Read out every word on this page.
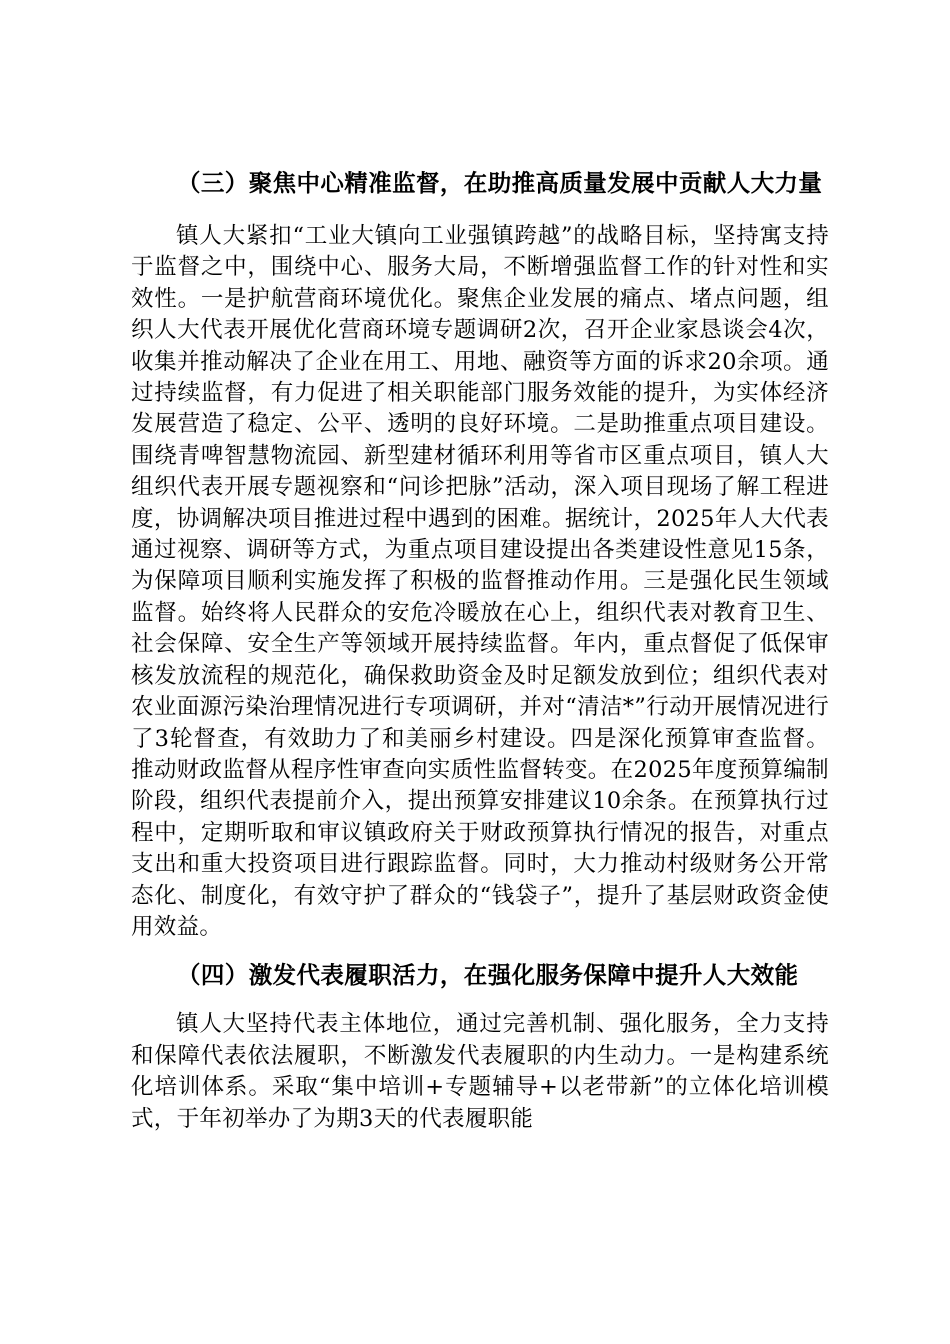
（三）聚焦中心精准监督，在助推高质量发展中贡献人大力量

镇人大紧扣“工业大镇向工业强镇跨越”的战略目标，坚持寓支持于监督之中，围绕中心、服务大局，不断增强监督工作的针对性和实效性。一是护航营商环境优化。聚焦企业发展的痛点、堵点问题，组织人大代表开展优化营商环境专题调研2次，召开企业家恳谈会4次，收集并推动解决了企业在用工、用地、融资等方面的诉求20余项。通过持续监督，有力促进了相关职能部门服务效能的提升，为实体经济发展营造了稳定、公平、透明的良好环境。二是助推重点项目建设。围绕青啤智慧物流园、新型建材循环利用等省市区重点项目，镇人大组织代表开展专题视察和“问诊把脉”活动，深入项目现场了解工程进度，协调解决项目推进过程中遇到的困难。据统计，2025年人大代表通过视察、调研等方式，为重点项目建设提出各类建设性意见15条，为保障项目顺利实施发挥了积极的监督推动作用。三是强化民生领域监督。始终将人民群众的安危冷暖放在心上，组织代表对教育卫生、社会保障、安全生产等领域开展持续监督。年内，重点督促了低保审核发放流程的规范化，确保救助资金及时足额发放到位；组织代表对农业面源污染治理情况进行专项调研，并对“清洁*”行动开展情况进行了3轮督查，有效助力了和美丽乡村建设。四是深化预算审查监督。推动财政监督从程序性审查向实质性监督转变。在2025年度预算编制阶段，组织代表提前介入，提出预算安排建议10余条。在预算执行过程中，定期听取和审议镇政府关于财政预算执行情况的报告，对重点支出和重大投资项目进行跟踪监督。同时，大力推动村级财务公开常态化、制度化，有效守护了群众的“钱袋子”，提升了基层财政资金使用效益。

（四）激发代表履职活力，在强化服务保障中提升人大效能

镇人大坚持代表主体地位，通过完善机制、强化服务，全力支持和保障代表依法履职，不断激发代表履职的内生动力。一是构建系统化培训体系。采取“集中培训+专题辅导+以老带新”的立体化培训模式，于年初举办了为期3天的代表履职能
